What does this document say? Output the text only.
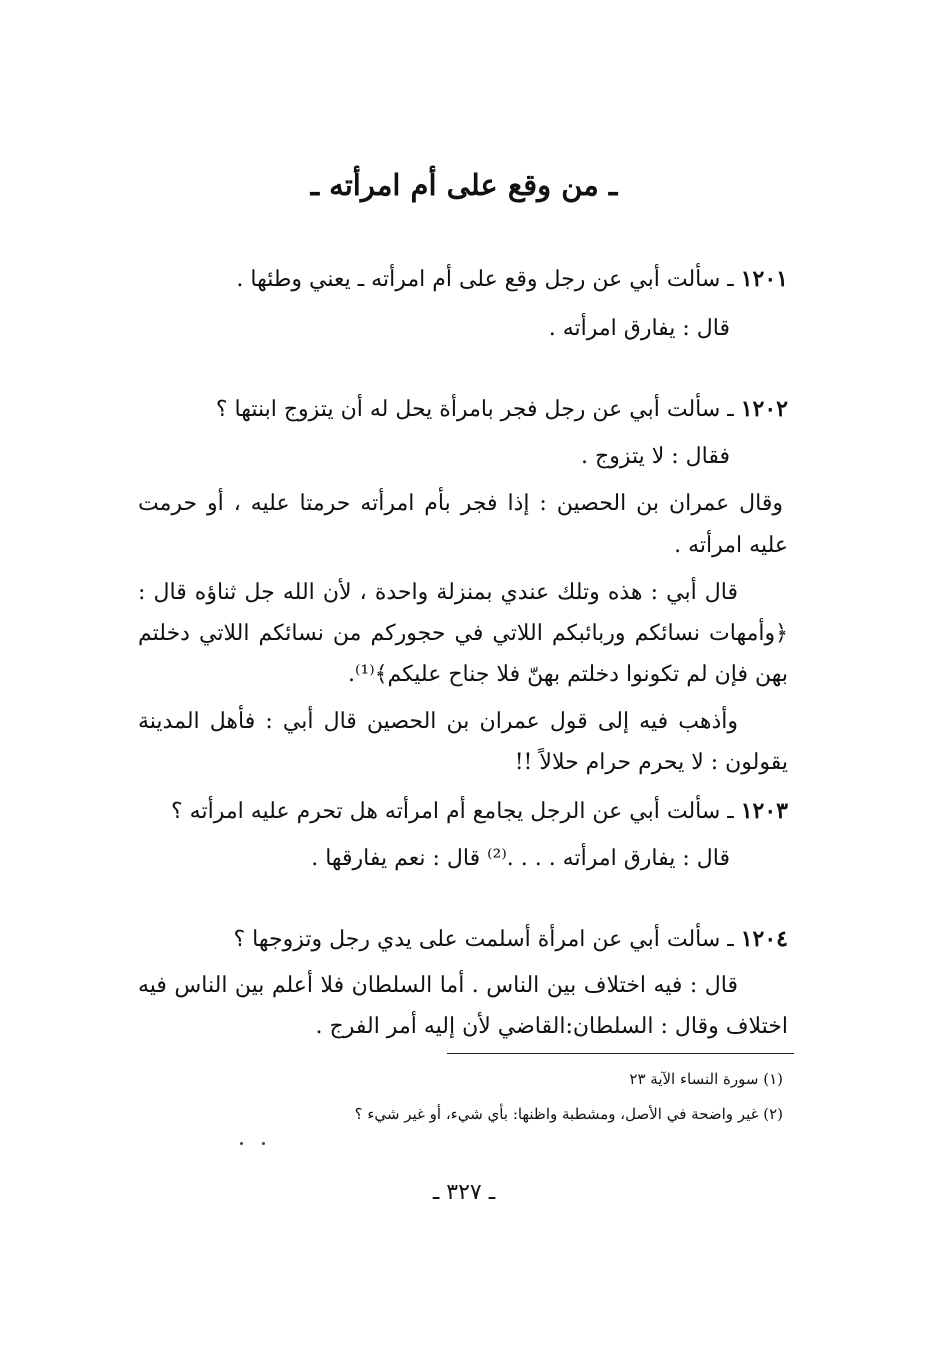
ـ من وقع على أم امرأته ـ
١٢٠١ ـ سألت أبي عن رجل وقع على أم امرأته ـ يعني وطئها .
قال : يفارق امرأته .
١٢٠٢ ـ سألت أبي عن رجل فجر بامرأة يحل له أن يتزوج ابنتها ؟
فقال : لا يتزوج .
وقال عمران بن الحصين : إذا فجر بأم امرأته حرمتا عليه ، أو حرمت
عليه امرأته .
قال أبي : هذه وتلك عندي بمنزلة واحدة ، لأن الله جل ثناؤه قال :
﴿وأمهات نسائكم وربائبكم اللاتي في حجوركم من نسائكم اللاتي دخلتم
بهن فإن لم تكونوا دخلتم بهنّ فلا جناح عليكم﴾⁽¹⁾.
وأذهب فيه إلى قول عمران بن الحصين قال أبي : فأهل المدينة
يقولون : لا يحرم حرام حلالاً !!
١٢٠٣ ـ سألت أبي عن الرجل يجامع أم امرأته هل تحرم عليه امرأته ؟
قال : يفارق امرأته . . . .⁽²⁾ قال : نعم يفارقها .
١٢٠٤ ـ سألت أبي عن امرأة أسلمت على يدي رجل وتزوجها ؟
قال : فيه اختلاف بين الناس . أما السلطان فلا أعلم بين الناس فيه
اختلاف وقال : السلطان:القاضي لأن إليه أمر الفرج .
(١) سورة النساء الآية ٢٣
(٢) غير واضحة في الأصل، ومشطبة واظنها: بأي شيء، أو غير شيء ؟
ـ ٣٢٧ ـ
